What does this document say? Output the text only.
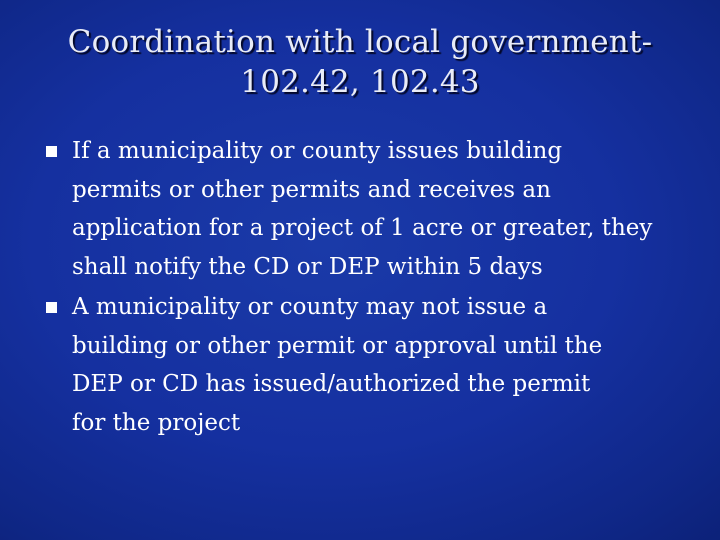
Coordination with local government-
102.42, 102.43
If a municipality or county issues building
permits or other permits and receives an
application for a project of 1 acre or greater, they
shall notify the CD or DEP within 5 days
A municipality or county may not issue a
building or other permit or approval until the
DEP or CD has issued/authorized the permit
for the project
